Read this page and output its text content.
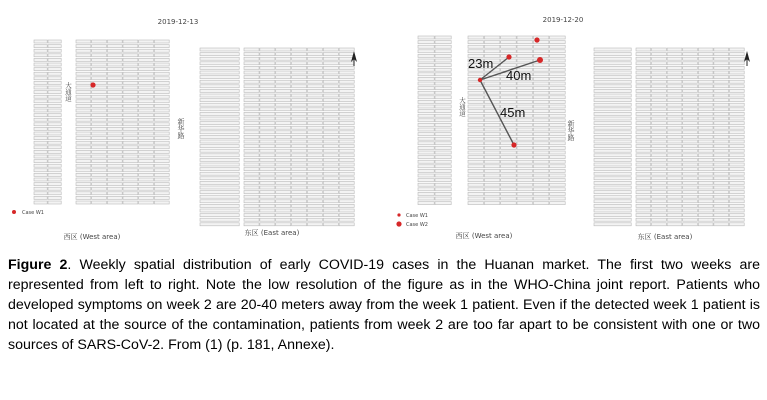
2019-12-13
西区 (West area)	东区 (East area)
新华路
大通道
Case W1
2019-12-20
西区 (West area)	东区 (East area)
新华路
大通道
Case W1
Case W2
23m
40m
45m

Figure 2. Weekly spatial distribution of early COVID-19 cases in the Huanan market. The first two weeks are represented from left to right. Note the low resolution of the figure as in the WHO-China joint report. Patients who developed symptoms on week 2 are 20-40 meters away from the week 1 patient. Even if the detected week 1 patient is not located at the source of the contamination, patients from week 2 are too far apart to be consistent with one or two sources of SARS-CoV-2. From (1) (p. 181, Annexe).
